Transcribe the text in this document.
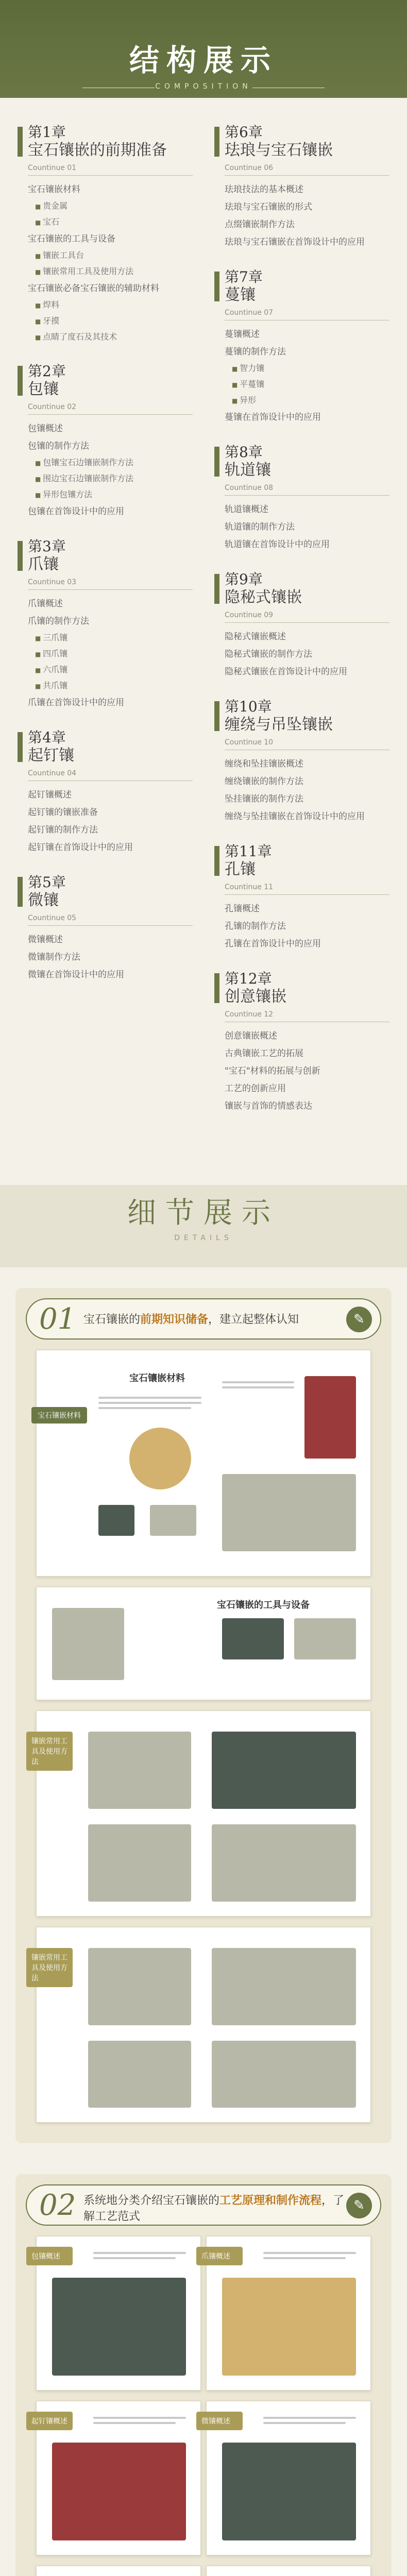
结构展示
COMPOSITION
第1章
宝石镶嵌的前期准备
Countinue 01
宝石镶嵌材料
■ 贵金属
■ 宝石
宝石镶嵌的工具与设备
■ 镶嵌工具台
■ 镶嵌常用工具及使用方法
宝石镶嵌必备宝石镶嵌的辅助材料
■ 焊料
■ 牙摸
■ 点睛了度石及其技术
第2章
包镶
Countinue 02
包镶概述
包镶的制作方法
■ 包镶宝石边镶嵌制作方法
■ 围边宝石边镶嵌制作方法
■ 异形包镶方法
包镶在首饰设计中的应用
第3章
爪镶
Countinue 03
爪镶概述
爪镶的制作方法
■ 三爪镶
■ 四爪镶
■ 六爪镶
■ 共爪镶
爪镶在首饰设计中的应用
第4章
起钉镶
Countinue 04
起钉镶概述
起钉镶的镶嵌准备
起钉镶的制作方法
起钉镶在首饰设计中的应用
第5章
微镶
Countinue 05
微镶概述
微镶制作方法
微镶在首饰设计中的应用
第6章
珐琅与宝石镶嵌
Countinue 06
珐琅技法的基本概述
珐琅与宝石镶嵌的形式
点缀镶嵌制作方法
珐琅与宝石镶嵌在首饰设计中的应用
第7章
蔓镶
Countinue 07
蔓镶概述
蔓镶的制作方法
■ 智力镶
■ 平蔓镶
■ 异形
蔓镶在首饰设计中的应用
第8章
轨道镶
Countinue 08
轨道镶概述
轨道镶的制作方法
轨道镶在首饰设计中的应用
第9章
隐秘式镶嵌
Countinue 09
隐秘式镶嵌概述
隐秘式镶嵌的制作方法
隐秘式镶嵌在首饰设计中的应用
第10章
缠绕与吊坠镶嵌
Countinue 10
缠绕和坠挂镶嵌概述
缠绕镶嵌的制作方法
坠挂镶嵌的制作方法
缠绕与坠挂镶嵌在首饰设计中的应用
第11章
孔镶
Countinue 11
孔镶概述
孔镶的制作方法
孔镶在首饰设计中的应用
第12章
创意镶嵌
Countinue 12
创意镶嵌概述
古典镶嵌工艺的拓展
"宝石"材料的拓展与创新
工艺的创新应用
镶嵌与首饰的情感表达
细节展示
DETAILS
01 宝石镶嵌的前期知识储备，建立起整体认知	✎
宝石镶嵌材料
宝石镶嵌材料
宝石镶嵌的工具与设备
镶嵌常用工具及使用方法
镶嵌常用工具及使用方法
02 系统地分类介绍宝石镶嵌的工艺原理和制作流程，了解工艺范式
✎
包镶概述	爪镶概述
起钉镶概述	微镶概述
